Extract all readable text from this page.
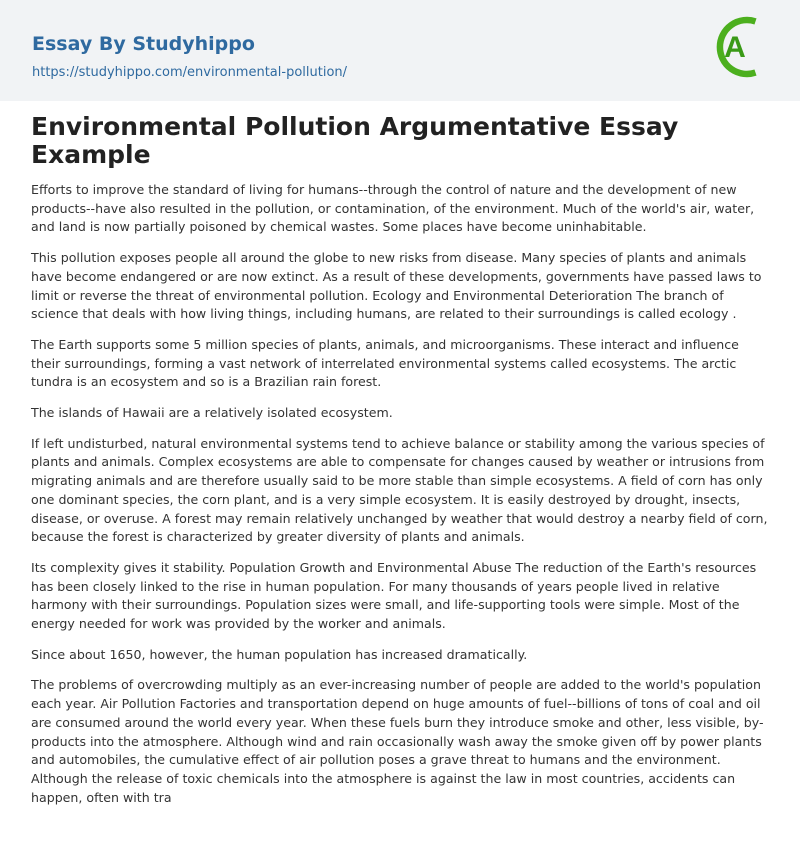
Essay By Studyhippo
https://studyhippo.com/environmental-pollution/
A
Environmental Pollution Argumentative Essay Example

Efforts to improve the standard of living for humans--through the control of nature and the development of new products--have also resulted in the pollution, or contamination, of the environment. Much of the world's air, water, and land is now partially poisoned by chemical wastes. Some places have become uninhabitable.

This pollution exposes people all around the globe to new risks from disease. Many species of plants and animals have become endangered or are now extinct. As a result of these developments, governments have passed laws to limit or reverse the threat of environmental pollution. Ecology and Environmental Deterioration The branch of science that deals with how living things, including humans, are related to their surroundings is called ecology .

The Earth supports some 5 million species of plants, animals, and microorganisms. These interact and influence their surroundings, forming a vast network of interrelated environmental systems called ecosystems. The arctic tundra is an ecosystem and so is a Brazilian rain forest.

The islands of Hawaii are a relatively isolated ecosystem.

If left undisturbed, natural environmental systems tend to achieve balance or stability among the various species of plants and animals. Complex ecosystems are able to compensate for changes caused by weather or intrusions from migrating animals and are therefore usually said to be more stable than simple ecosystems. A field of corn has only one dominant species, the corn plant, and is a very simple ecosystem. It is easily destroyed by drought, insects, disease, or overuse. A forest may remain relatively unchanged by weather that would destroy a nearby field of corn, because the forest is characterized by greater diversity of plants and animals.

Its complexity gives it stability. Population Growth and Environmental Abuse The reduction of the Earth's resources has been closely linked to the rise in human population. For many thousands of years people lived in relative harmony with their surroundings. Population sizes were small, and life-supporting tools were simple. Most of the energy needed for work was provided by the worker and animals.

Since about 1650, however, the human population has increased dramatically.

The problems of overcrowding multiply as an ever-increasing number of people are added to the world's population each year. Air Pollution Factories and transportation depend on huge amounts of fuel--billions of tons of coal and oil are consumed around the world every year. When these fuels burn they introduce smoke and other, less visible, by-products into the atmosphere. Although wind and rain occasionally wash away the smoke given off by power plants and automobiles, the cumulative effect of air pollution poses a grave threat to humans and the environment. Although the release of toxic chemicals into the atmosphere is against the law in most countries, accidents can happen, often with tra
